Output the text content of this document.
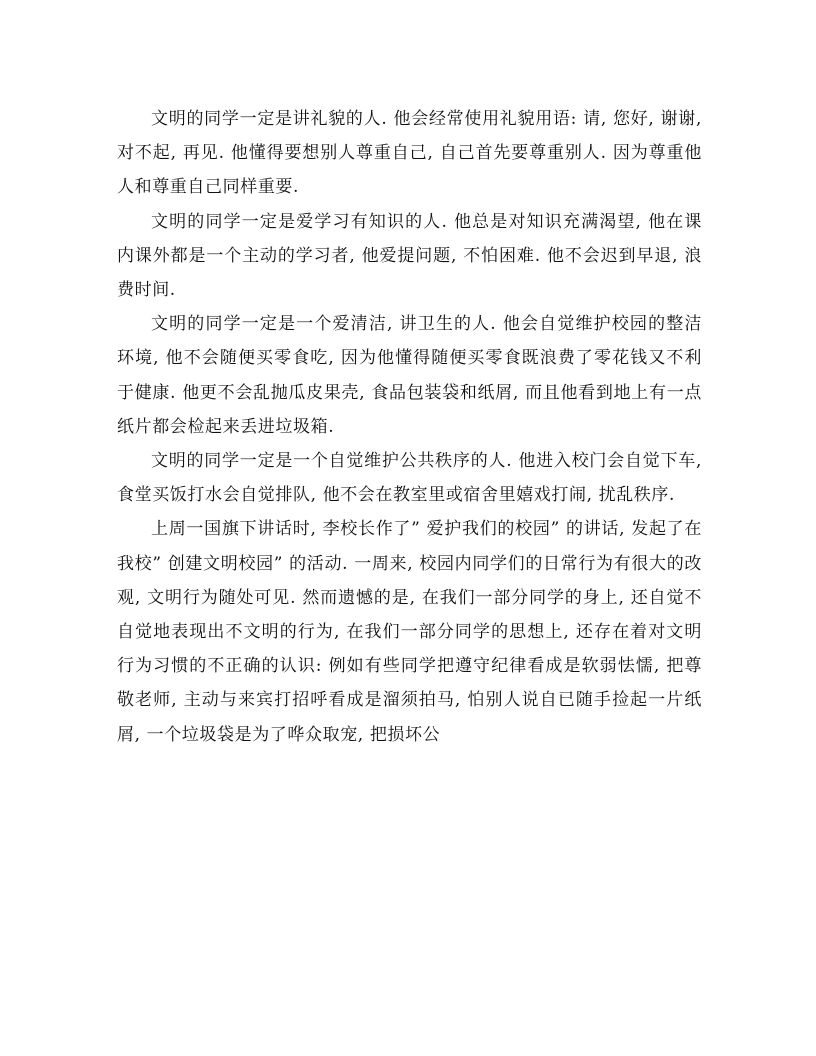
文明的同学一定是讲礼貌的人. 他会经常使用礼貌用语: 请, 您好, 谢谢, 对不起, 再见. 他懂得要想别人尊重自己, 自己首先要尊重别人. 因为尊重他人和尊重自己同样重要.

文明的同学一定是爱学习有知识的人. 他总是对知识充满渴望, 他在课内课外都是一个主动的学习者, 他爱提问题, 不怕困难. 他不会迟到早退, 浪费时间.

文明的同学一定是一个爱清洁, 讲卫生的人. 他会自觉维护校园的整洁环境, 他不会随便买零食吃, 因为他懂得随便买零食既浪费了零花钱又不利于健康. 他更不会乱抛瓜皮果壳, 食品包装袋和纸屑, 而且他看到地上有一点纸片都会检起来丢进垃圾箱.

文明的同学一定是一个自觉维护公共秩序的人. 他进入校门会自觉下车, 食堂买饭打水会自觉排队, 他不会在教室里或宿舍里嬉戏打闹, 扰乱秩序.

上周一国旗下讲话时, 李校长作了” 爱护我们的校园” 的讲话, 发起了在我校” 创建文明校园” 的活动. 一周来, 校园内同学们的日常行为有很大的改观, 文明行为随处可见. 然而遗憾的是, 在我们一部分同学的身上, 还自觉不自觉地表现出不文明的行为, 在我们一部分同学的思想上, 还存在着对文明行为习惯的不正确的认识: 例如有些同学把遵守纪律看成是软弱怯懦, 把尊敬老师, 主动与来宾打招呼看成是溜须拍马, 怕别人说自已随手捡起一片纸屑, 一个垃圾袋是为了哗众取宠, 把损坏公
